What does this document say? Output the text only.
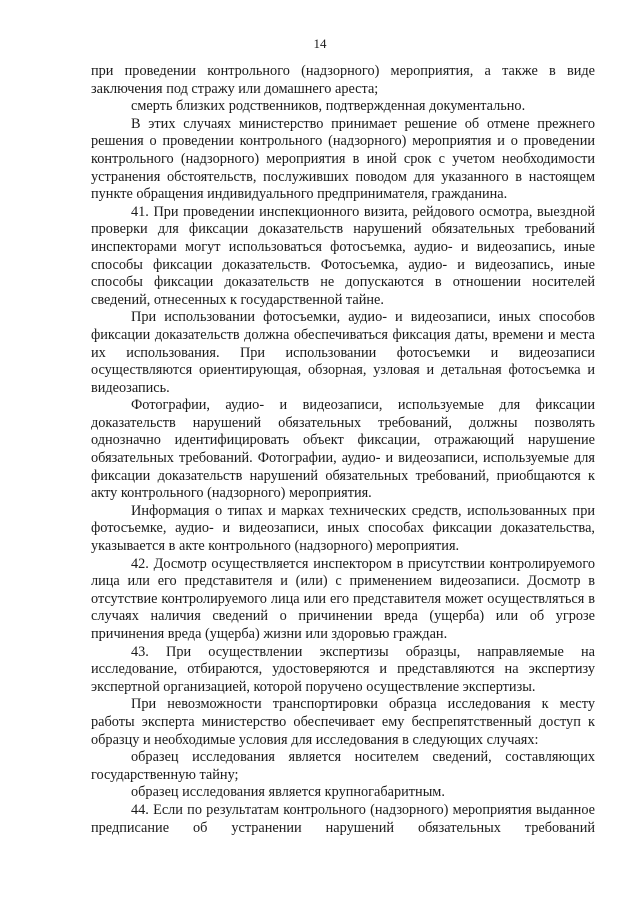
14

при проведении контрольного (надзорного) мероприятия, а также в виде заключения под стражу или домашнего ареста;

смерть близких родственников, подтвержденная документально.

В этих случаях министерство принимает решение об отмене прежнего решения о проведении контрольного (надзорного) мероприятия и о проведении контрольного (надзорного) мероприятия в иной срок с учетом необходимости устранения обстоятельств, послуживших поводом для указанного в настоящем пункте обращения индивидуального предпринимателя, гражданина.

41. При проведении инспекционного визита, рейдового осмотра, выездной проверки для фиксации доказательств нарушений обязательных требований инспекторами могут использоваться фотосъемка, аудио- и видеозапись, иные способы фиксации доказательств. Фотосъемка, аудио- и видеозапись, иные способы фиксации доказательств не допускаются в отношении носителей сведений, отнесенных к государственной тайне.

При использовании фотосъемки, аудио- и видеозаписи, иных способов фиксации доказательств должна обеспечиваться фиксация даты, времени и места их использования. При использовании фотосъемки и видеозаписи осуществляются ориентирующая, обзорная, узловая и детальная фотосъемка и видеозапись.

Фотографии, аудио- и видеозаписи, используемые для фиксации доказательств нарушений обязательных требований, должны позволять однозначно идентифицировать объект фиксации, отражающий нарушение обязательных требований. Фотографии, аудио- и видеозаписи, используемые для фиксации доказательств нарушений обязательных требований, приобщаются к акту контрольного (надзорного) мероприятия.

Информация о типах и марках технических средств, использованных при фотосъемке, аудио- и видеозаписи, иных способах фиксации доказательства, указывается в акте контрольного (надзорного) мероприятия.

42. Досмотр осуществляется инспектором в присутствии контролируемого лица или его представителя и (или) с применением видеозаписи. Досмотр в отсутствие контролируемого лица или его представителя может осуществляться в случаях наличия сведений о причинении вреда (ущерба) или об угрозе причинения вреда (ущерба) жизни или здоровью граждан.

43. При осуществлении экспертизы образцы, направляемые на исследование, отбираются, удостоверяются и представляются на экспертизу экспертной организацией, которой поручено осуществление экспертизы.

При невозможности транспортировки образца исследования к месту работы эксперта министерство обеспечивает ему беспрепятственный доступ к образцу и необходимые условия для исследования в следующих случаях:

образец исследования является носителем сведений, составляющих государственную тайну;

образец исследования является крупногабаритным.

44. Если по результатам контрольного (надзорного) мероприятия выданное предписание об устранении нарушений обязательных требований
